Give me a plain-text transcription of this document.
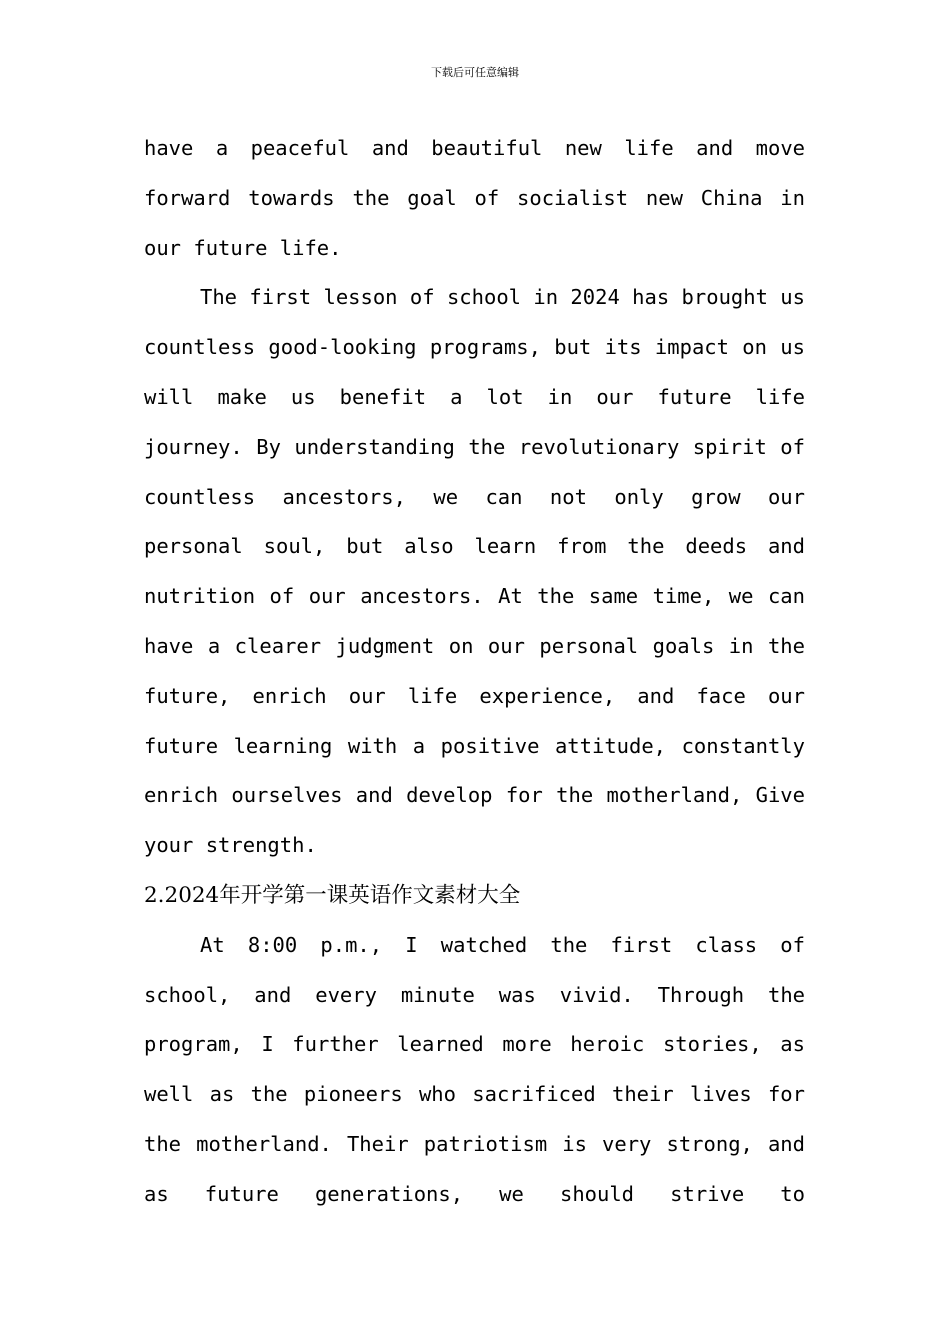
下载后可任意编辑

have a peaceful and beautiful new life and move forward towards the goal of socialist new China in our future life.

The first lesson of school in 2024 has brought us countless good-looking programs, but its impact on us will make us benefit a lot in our future life journey. By understanding the revolutionary spirit of countless ancestors, we can not only grow our personal soul, but also learn from the deeds and nutrition of our ancestors. At the same time, we can have a clearer judgment on our personal goals in the future, enrich our life experience, and face our future learning with a positive attitude, constantly enrich ourselves and develop for the motherland, Give your strength.

2.2024年开学第一课英语作文素材大全

At 8:00 p.m., I watched the first class of school, and every minute was vivid. Through the program, I further learned more heroic stories, as well as the pioneers who sacrificed their lives for the motherland. Their patriotism is very strong, and as future generations, we should strive to
